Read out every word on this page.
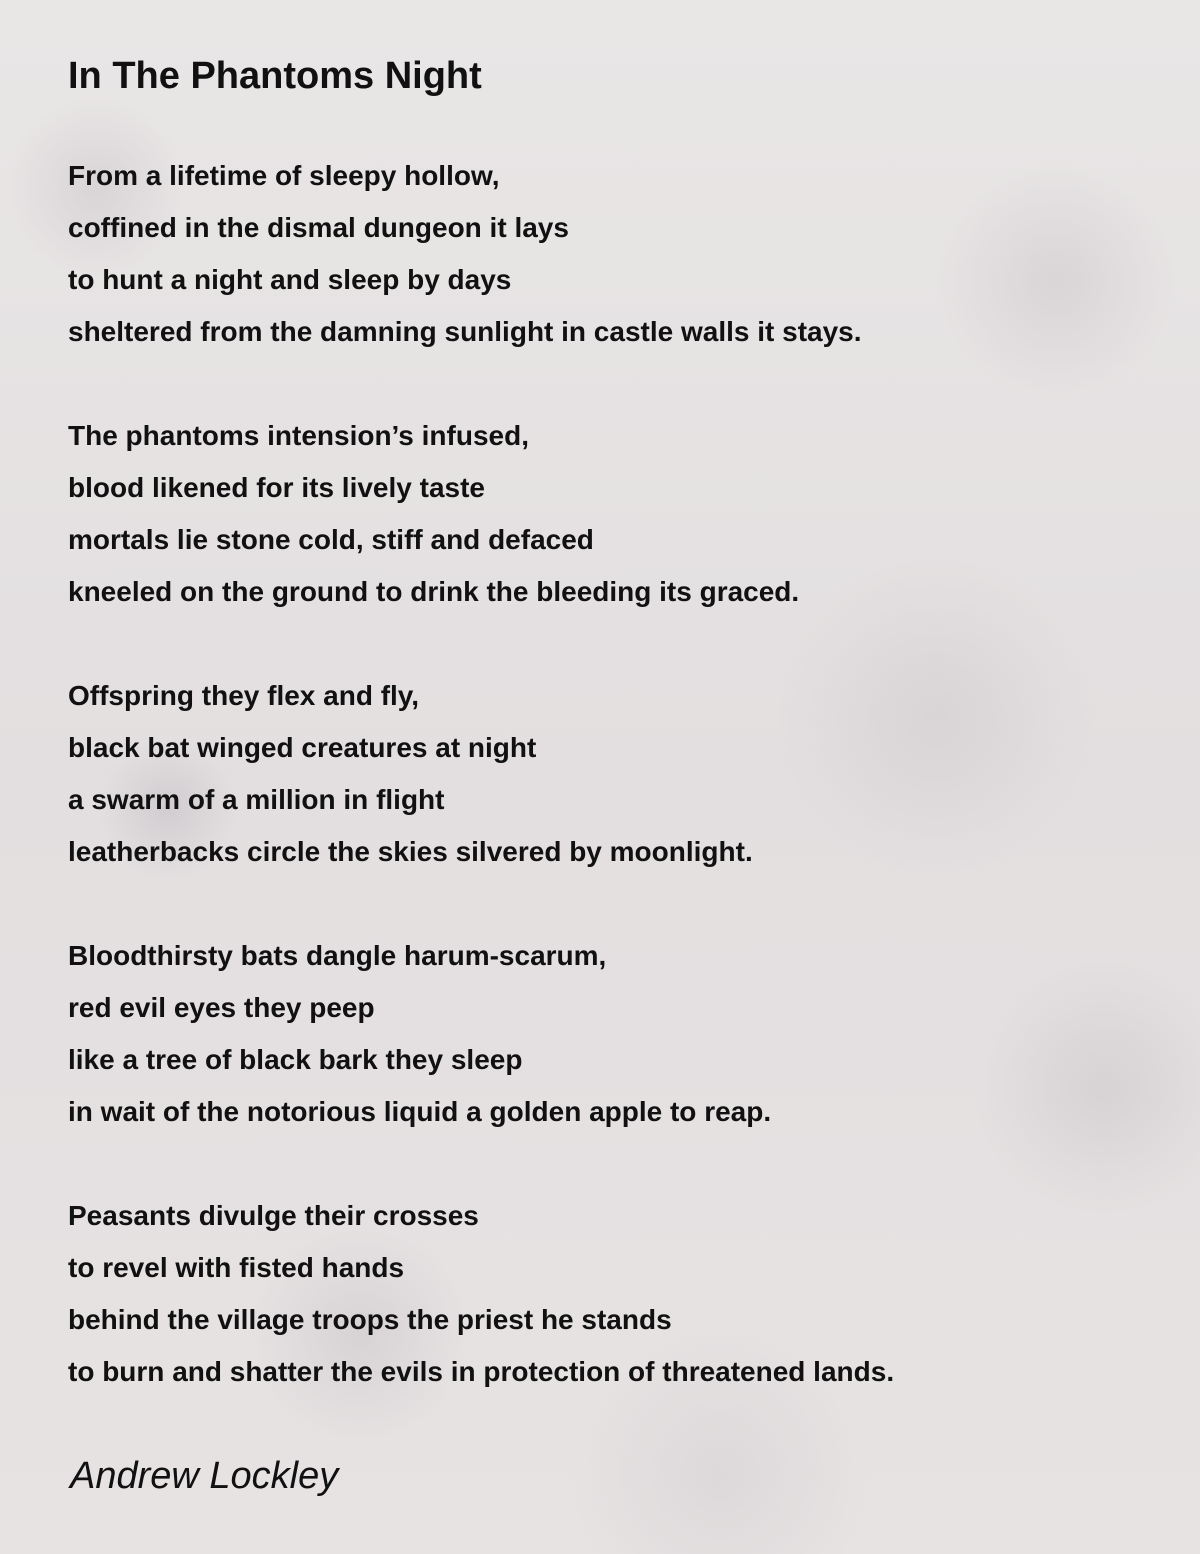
In The Phantoms Night
From a lifetime of sleepy hollow,
coffined in the dismal dungeon it lays
to hunt a night and sleep by days
sheltered from the damning sunlight in castle walls it stays.
The phantoms intension’s infused,
blood likened for its lively taste
mortals lie stone cold, stiff and defaced
kneeled on the ground to drink the bleeding its graced.
Offspring they flex and fly,
black bat winged creatures at night
a swarm of a million in flight
leatherbacks circle the skies silvered by moonlight.
Bloodthirsty bats dangle harum-scarum,
red evil eyes they peep
like a tree of black bark they sleep
in wait of the notorious liquid a golden apple to reap.
Peasants divulge their crosses
to revel with fisted hands
behind the village troops the priest he stands
to burn and shatter the evils in protection of threatened lands.
Andrew Lockley
